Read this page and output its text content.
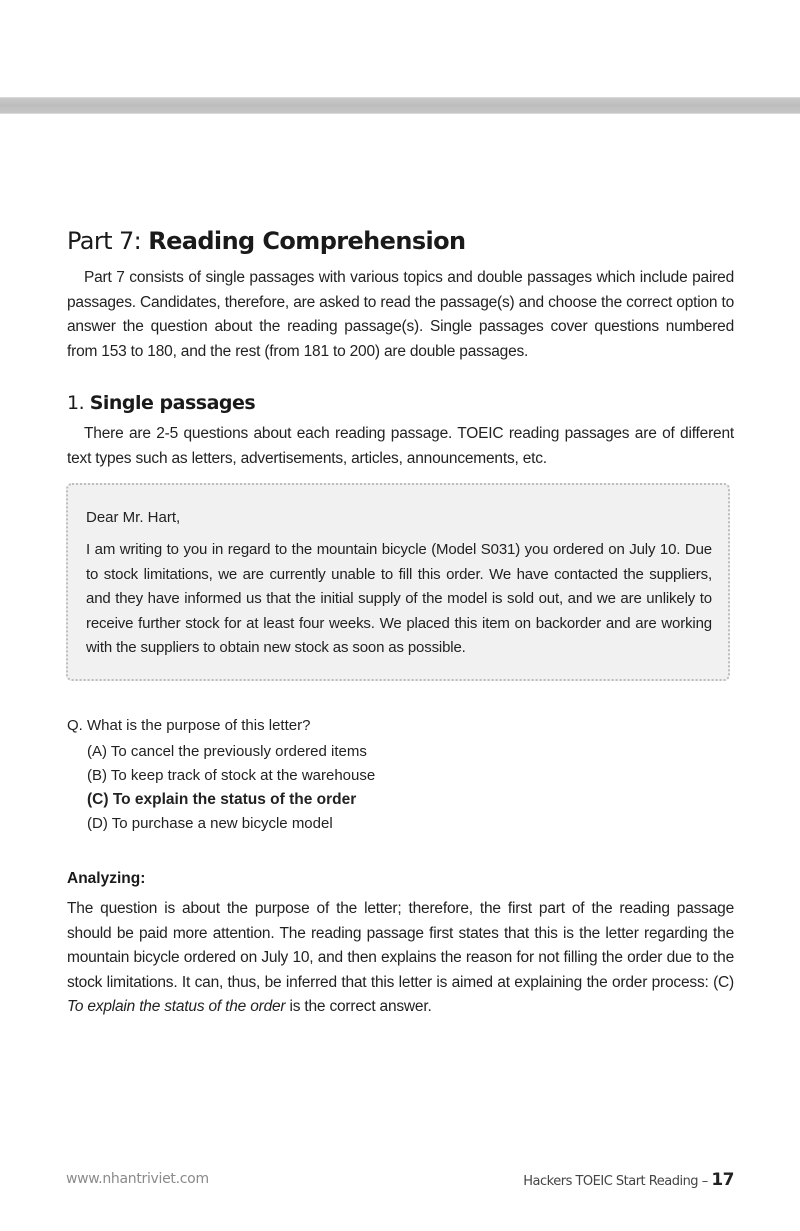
Part 7: Reading Comprehension
Part 7 consists of single passages with various topics and double passages which include paired passages. Candidates, therefore, are asked to read the passage(s) and choose the correct option to answer the question about the reading passage(s). Single passages cover questions numbered from 153 to 180, and the rest (from 181 to 200) are double passages.
1. Single passages
There are 2-5 questions about each reading passage. TOEIC reading passages are of different text types such as letters, advertisements, articles, announcements, etc.
Dear Mr. Hart,
I am writing to you in regard to the mountain bicycle (Model S031) you ordered on July 10. Due to stock limitations, we are currently unable to fill this order. We have contacted the suppliers, and they have informed us that the initial supply of the model is sold out, and we are unlikely to receive further stock for at least four weeks. We placed this item on backorder and are working with the suppliers to obtain new stock as soon as possible.
Q. What is the purpose of this letter?
(A) To cancel the previously ordered items
(B) To keep track of stock at the warehouse
(C) To explain the status of the order
(D) To purchase a new bicycle model
Analyzing:
The question is about the purpose of the letter; therefore, the first part of the reading passage should be paid more attention. The reading passage first states that this is the letter regarding the mountain bicycle ordered on July 10, and then explains the reason for not filling the order due to the stock limitations. It can, thus, be inferred that this letter is aimed at explaining the order process: (C) To explain the status of the order is the correct answer.
www.nhantriviet.com	Hackers TOEIC Start Reading – 17
